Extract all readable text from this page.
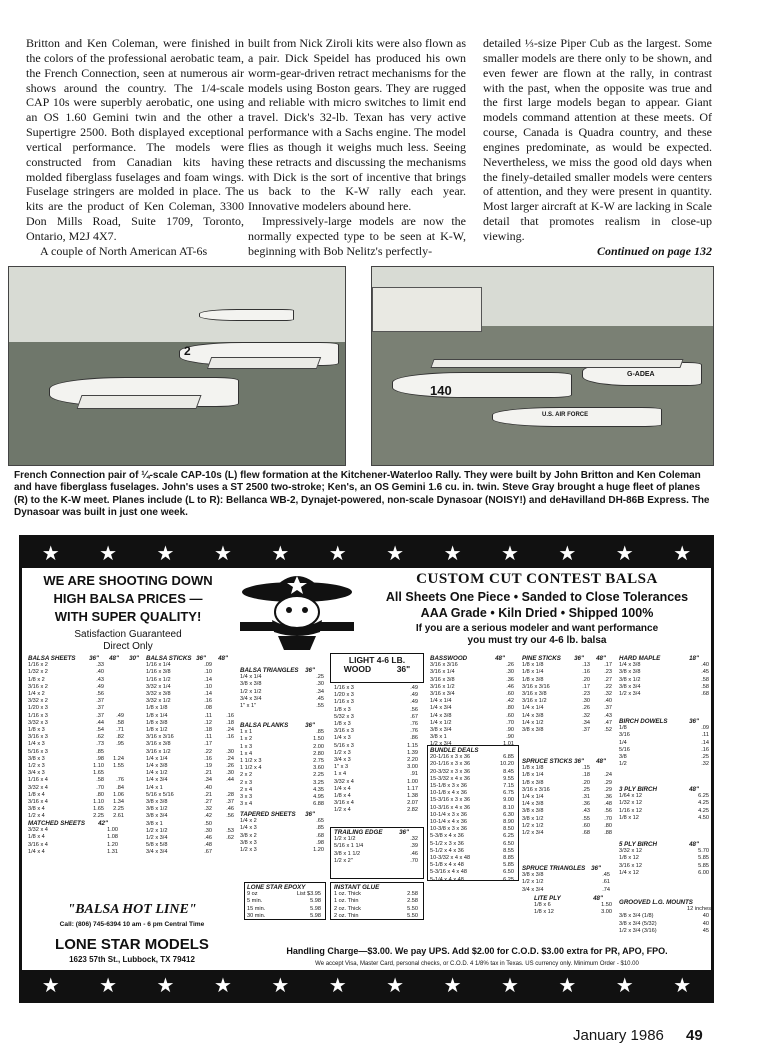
Britton and Ken Coleman, were finished in the colors of the professional aerobatic team, the French Connection, seen at numerous air shows around the country. The 1/4-scale CAP 10s were superbly aerobatic, one using an OS 1.60 Gemini twin and the other a Supertigre 2500. Both displayed exceptional vertical performance. The models were constructed from Canadian kits having molded fiberglass fuselages and foam wings. Fuselage stringers are molded in place. The kits are the product of Ken Coleman, 3300 Don Mills Road, Suite 1709, Toronto, Ontario, M2J 4X7.

A couple of North American AT-6s

built from Nick Ziroli kits were also flown as a pair. Dick Speidel has produced his own worm-gear-driven retract mechanisms for the models using Boston gears. They are rugged and reliable with micro switches to limit end travel. Dick's 32-lb. Texan has very active performance with a Sachs engine. The model flies as though it weighs much less. Seeing these retracts and discussing the mechanisms with Dick is the sort of incentive that brings us back to the K-W rally each year. Innovative modelers abound here.

Impressively-large models are now the normally expected type to be seen at K-W, beginning with Bob Nelitz's perfectly-

detailed ⅓-size Piper Cub as the largest. Some smaller models are there only to be shown, and even fewer are flown at the rally, in contrast with the past, when the opposite was true and the first large models began to appear. Giant models command attention at these meets. Of course, Canada is Quadra country, and these engines predominate, as would be expected. Nevertheless, we miss the good old days when the finely-detailed smaller models were centers of attention, and they were present in quantity. Most larger aircraft at K-W are lacking in Scale detail that promotes realism in close-up viewing.

Continued on page 132
2
140
U.S. AIR FORCE
G-ADEA
French Connection pair of ¼-scale CAP-10s (L) flew formation at the Kitchener-Waterloo Rally. They were built by John Britton and Ken Coleman and have fiberglass fuselages. John's uses a ST 2500 two-stroke; Ken's, an OS Gemini 1.6 cu. in. twin. Steve Gray brought a huge fleet of planes (R) to the K-W meet. Planes include (L to R): Bellanca WB-2, Dynajet-powered, non-scale Dynasoar (NOISY!) and deHavilland DH-86B Express. The Dynasoar was built in just one week.
★ ★ ★ ★ ★ ★ ★ ★ ★ ★ ★ ★
WE ARE SHOOTING DOWN
HIGH BALSA PRICES —
WITH SUPER QUALITY!
Satisfaction Guaranteed
Direct Only
CUSTOM CUT CONTEST BALSA
All Sheets One Piece • Sanded to Close Tolerances
AAA Grade • Kiln Dried • Shipped 100%
If you are a serious modeler and want performance
you must try our 4-6 lb. balsa
LIGHT 4-6 LB.
WOOD	36"
BALSA SHEETS	36"	48"	30"
1/16 x 2	.33
1/32 x 2	.40
1/8 x 2	.43
3/16 x 2	.49
1/4 x 2	.56
3/32 x 2	.37
1/20 x 3	.37
1/16 x 3	.37	.49
3/32 x 3	.44	.58
1/8 x 3	.54	.71
3/16 x 3	.62	.82
1/4 x 3	.73	.95
5/16 x 3	.85
3/8 x 3	.98	1.24
1/2 x 3	1.10	1.55
3/4 x 3	1.65
1/16 x 4	.58	.76
3/32 x 4	.70	.84
1/8 x 4	.80	1.06
3/16 x 4	1.10	1.34
3/8 x 4	1.65	2.25
1/2 x 4	2.25	2.61
MATCHED SHEETS	42"
3/32 x 4	1.00
1/8 x 4	1.08
3/16 x 4	1.20
1/4 x 4	1.31
BALSA STICKS 36"	48"
1/16 x 1/4	.09
1/16 x 3/8	.10
1/16 x 1/2	.14
3/32 x 1/4	.10
3/32 x 3/8	.14
3/32 x 1/2	.16
1/8 x 1/8	.08
1/8 x 1/4	.11	.16
1/8 x 3/8	.12	.18
1/8 x 1/2	.18	.24
3/16 x 3/16	.11	.16
3/16 x 3/8	.17
3/16 x 1/2	.22	.30
1/4 x 1/4	.16	.24
1/4 x 3/8	.19	.26
1/4 x 1/2	.21	.30
1/4 x 3/4	.34	.44
1/4 x 1	.40
5/16 x 5/16	.21	.28
3/8 x 3/8	.27	.37
3/8 x 1/2	.32	.46
3/8 x 3/4	.42	.56
3/8 x 1	.50
1/2 x 1/2	.30	.53
1/2 x 3/4	.46	.62
5/8 x 5/8	.48
3/4 x 3/4	.67
BALSA TRIANGLES	36"
1/4 x 1/4	.25
3/8 x 3/8	.30
1/2 x 1/2	.34
3/4 x 3/4	.45
1" x 1"	.55
BALSA PLANKS	36"
1 x 1	.85
1 x 2	1.50
1 x 3	2.00
1 x 4	2.80
1 1/2 x 3	2.75
1 1/2 x 4	3.60
2 x 2	2.25
2 x 3	3.25
2 x 4	4.35
3 x 3	4.95
3 x 4	6.88
TAPERED SHEETS	36"
1/4 x 2	.65
1/4 x 3	.85
3/8 x 2	.68
3/8 x 3	.98
1/2 x 3	1.20
1/16 x 3	.49
1/20 x 3	.49
1/16 x 3	.49
1/8 x 3	.56
5/32 x 3	.67
1/8 x 3	.76
3/16 x 3	.76
1/4 x 3	.86
5/16 x 3	1.15
1/2 x 3	1.39
3/4 x 3	2.20
1" x 3	3.00
1 x 4	.91
3/32 x 4	1.00
1/4 x 4	1.17
1/8 x 4	1.38
3/16 x 4	2.07
1/2 x 4	2.82
TRAILING EDGE	36"
1/2 x 1/2	.32
5/16 x 1 1/4	.39
3/8 x 1 1/2	.46
1/2 x 2"	.70
LONE STAR EPOXY
9 oz	List $3.95
5 min.	5.98
15 min.	5.98
30 min.	5.98
INSTANT GLUE
1 oz. Thick	2.58
1 oz. Thin	2.58
2 oz. Thick	5.50
2 oz. Thin	5.50
BASSWOOD	48"
3/16 x 3/16	.26
3/16 x 1/4	.30
3/16 x 3/8	.36
3/16 x 1/2	.46
3/16 x 3/4	.60
1/4 x 1/4	.42
1/4 x 3/4	.80
1/4 x 3/8	.60
1/4 x 1/2	.70
3/8 x 3/4	.90
3/8 x 1	.90
BUNDLE DEALS
20-1/16 x 3 x 36	6.85
20-1/16 x 3 x 36	10.20
20-3/32 x 3 x 36	8.45
15-3/32 x 4 x 36	9.55
15-1/8 x 3 x 36	7.15
10-1/8 x 4 x 36	6.75
15-3/16 x 3 x 36	9.00
10-3/16 x 4 x 36	8.10
10-1/4 x 3 x 36	6.30
10-1/4 x 4 x 36	8.90
10-3/8 x 3 x 36	8.50
5-3/8 x 4 x 36	6.25
5-1/2 x 3 x 36	6.50
5-1/2 x 4 x 36	8.55
10-3/32 x 4 x 48	8.85
5-1/8 x 4 x 48	5.85
5-3/16 x 4 x 48	6.50
5-1/4 x 4 x 48	6.25
PINE STICKS	36"	48"
1/8 x 1/8	.13	.17
1/8 x 1/4	.16	.23
1/8 x 3/8	.20	.27
3/16 x 3/16	.17	.22
3/16 x 3/8	.23	.32
3/16 x 1/2	.30	.40
1/4 x 1/4	.26	.37
1/4 x 3/8	.32	.43
1/4 x 1/2	.34	.47
3/8 x 3/8	.37	.52
SPRUCE STICKS 36"	48"
1/8 x 1/8	.15
1/8 x 1/4	.18	.24
1/8 x 3/8	.20	.29
3/16 x 3/16	.25	.29
1/4 x 1/4	.31	.36
1/4 x 3/8	.36	.48
3/8 x 3/8	.43	.56
3/8 x 1/2	.55	.70
1/2 x 1/2	.60	.80
1/2 x 3/4	.68	.88
SPRUCE TRIANGLES 36"
3/8 x 3/8	.45
1/2 x 1/2	.61
3/4 x 3/4	.74
LITE PLY	48"
1/8 x 6	1.50
1/8 x 12	3.00
HARD MAPLE	18"
1/4 x 3/8	.40
3/8 x 3/8	.45
3/8 x 1/2	.58
3/8 x 3/4	.58
1/2 x 3/4	.68
BIRCH DOWELS	36"
1/8	.09
3/16	.11
1/4	.14
5/16	.16
3/8	.25
1/2	.32
3 PLY BIRCH	48"
1/64 x 12	6.25
1/32 x 12	4.25
1/16 x 12	4.25
1/8 x 12	4.50
5 PLY BIRCH	48"
3/32 x 12	5.70
1/8 x 12	5.85
3/16 x 12	5.85
1/4 x 12	6.00
GROOVED L.G. MOUNTS
12 inches
3/8 x 3/4 (1/8)	40
3/8 x 3/4 (5/32)	40
1/2 x 3/4 (3/16)	45
"BALSA HOT LINE"
Call: (806) 745-6394 10 am - 6 pm Central Time
LONE STAR MODELS
1623 57th St., Lubbock, TX 79412
Handling Charge—$3.00. We pay UPS. Add $2.00 for C.O.D. $3.00 extra for PR, APO, FPO.
We accept Visa, Master Card, personal checks, or C.O.D. 4 1/8% tax in Texas. US currency only. Minimum Order - $10.00
★ ★ ★ ★ ★ ★ ★ ★ ★ ★ ★ ★
January 1986 49
